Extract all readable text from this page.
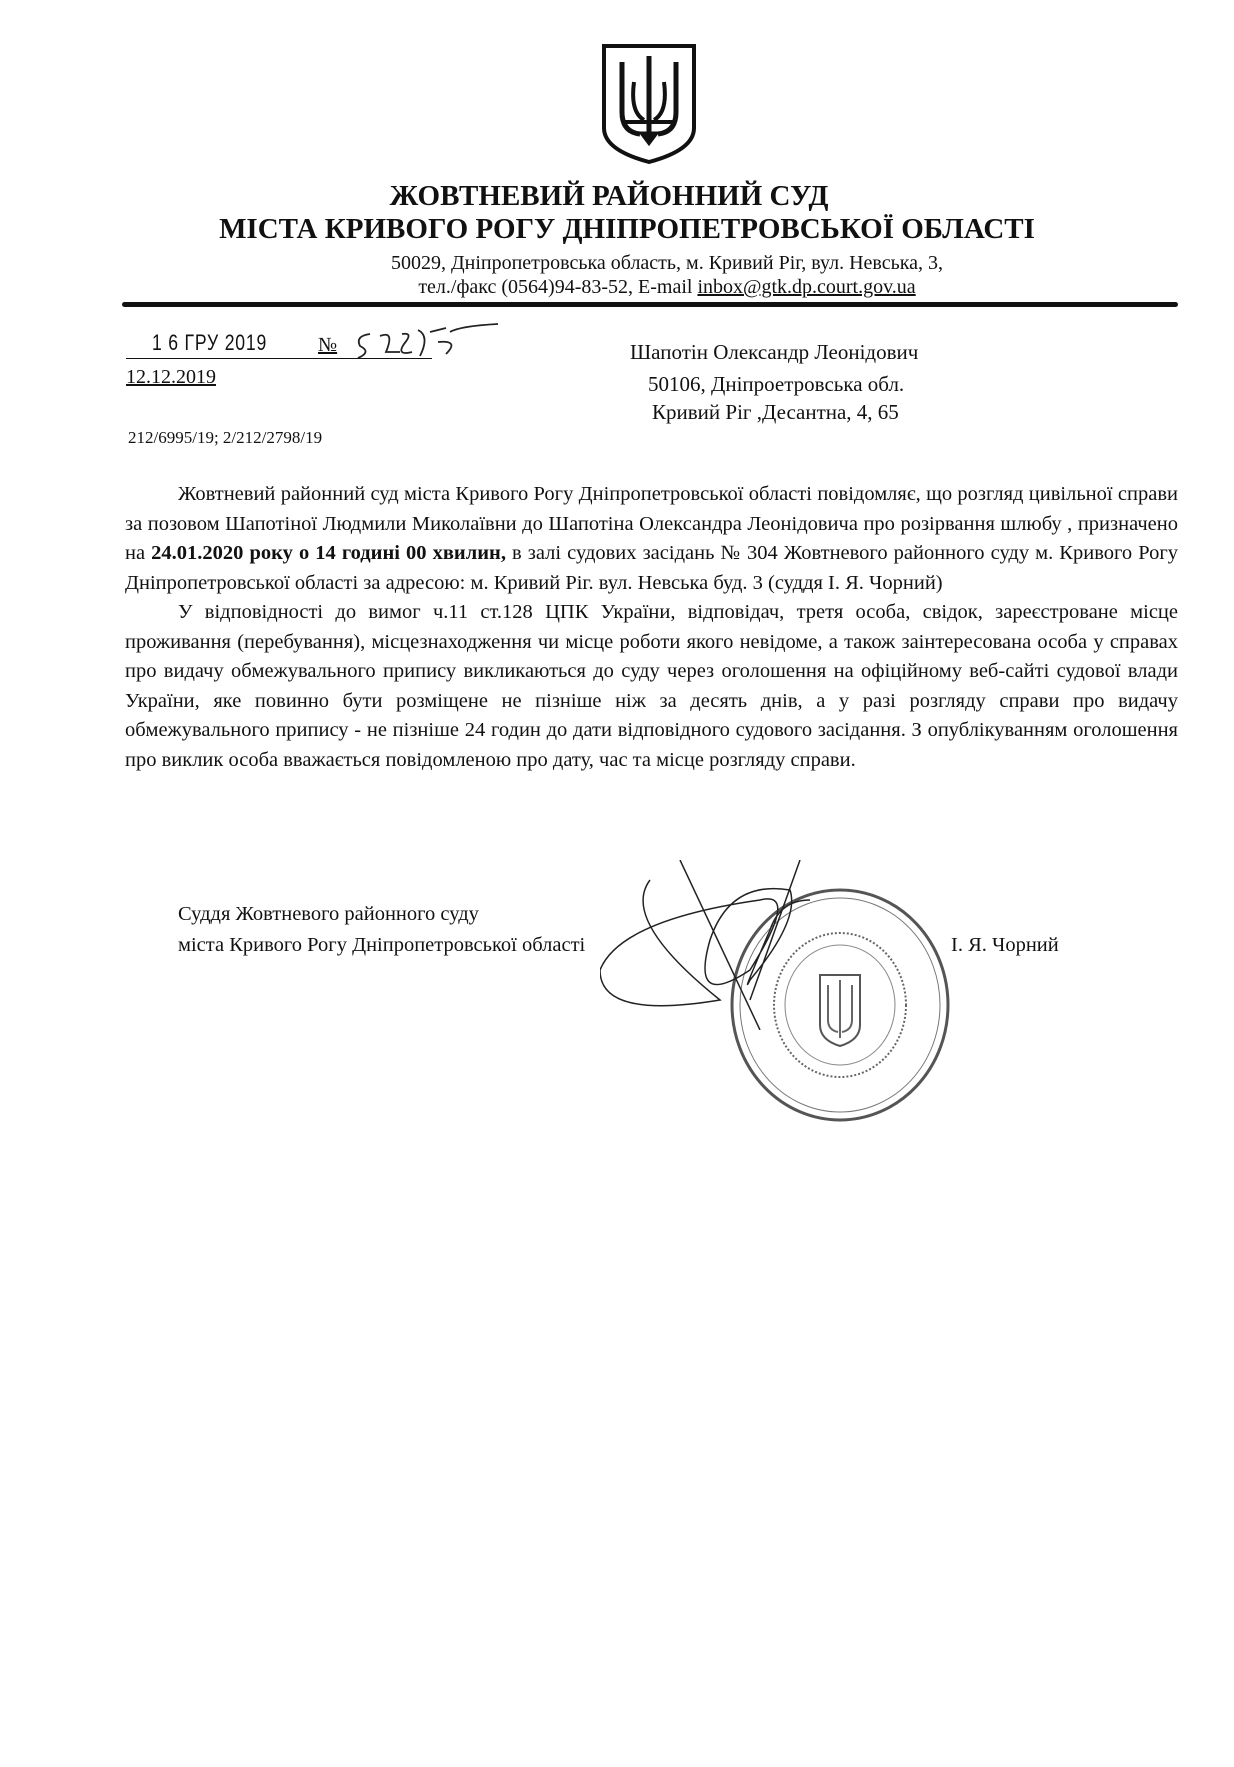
ЖОВТНЕВИЙ РАЙОННИЙ СУД
МІСТА КРИВОГО РОГУ ДНІПРОПЕТРОВСЬКОЇ ОБЛАСТІ
50029, Дніпропетровська область, м. Кривий Ріг, вул. Невська, 3,
тел./факс (0564)94-83-52, E-mail inbox@gtk.dp.court.gov.ua
1 6 ГРУ 2019	№
12.12.2019
Шапотін Олександр Леонідович
50106, Дніпроетровська обл.
Кривий Ріг ,Десантна, 4, 65
212/6995/19; 2/212/2798/19

Жовтневий районний суд міста Кривого Рогу Дніпропетровської області повідомляє, що розгляд цивільної справи за позовом Шапотіної Людмили Миколаївни до Шапотіна Олександра Леонідовича про розірвання шлюбу , призначено на 24.01.2020 року о 14 годині 00 хвилин, в залі судових засідань № 304 Жовтневого районного суду м. Кривого Рогу Дніпропетровської області за адресою: м. Кривий Ріг. вул. Невська буд. 3 (суддя І. Я. Чорний)

У відповідності до вимог ч.11 ст.128 ЦПК України, відповідач, третя особа, свідок, зареєстроване місце проживання (перебування), місцезнаходження чи місце роботи якого невідоме, а також заінтересована особа у справах про видачу обмежувального припису викликаються до суду через оголошення на офіційному веб-сайті судової влади України, яке повинно бути розміщене не пізніше ніж за десять днів, а у разі розгляду справи про видачу обмежувального припису - не пізніше 24 годин до дати відповідного судового засідання. З опублікуванням оголошення про виклик особа вважається повідомленою про дату, час та місце розгляду справи.

Суддя Жовтневого районного суду
міста Кривого Рогу Дніпропетровської області	І. Я. Чорний
